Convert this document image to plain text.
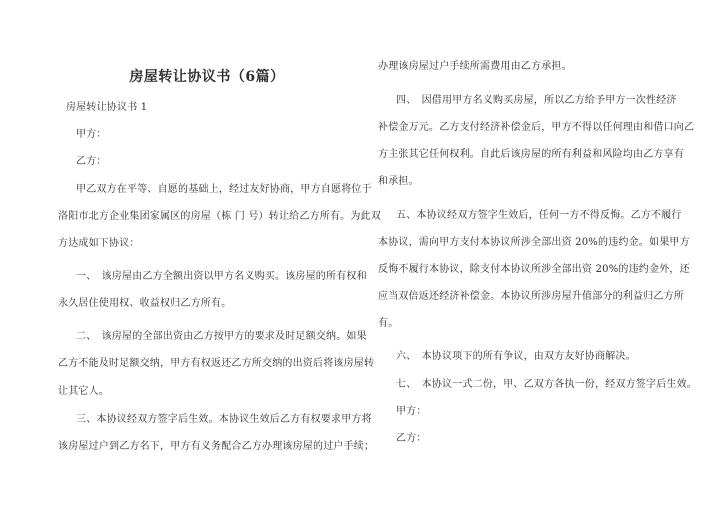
房屋转让协议书（6篇）
房屋转让协议书 1
甲方：
乙方：
甲乙双方在平等、自愿的基础上，经过友好协商，甲方自愿将位于
洛阳市北方企业集团家属区的房屋（栋 门 号）转让给乙方所有。为此双
方达成如下协议：
一、　该房屋由乙方全额出资以甲方名义购买。该房屋的所有权和
永久居住使用权、收益权归乙方所有。
二、　该房屋的全部出资由乙方按甲方的要求及时足额交纳。如果
乙方不能及时足额交纳，甲方有权返还乙方所交纳的出资后将该房屋转
让其它人。
三、本协议经双方签字后生效。本协议生效后乙方有权要求甲方将
该房屋过户到乙方名下，甲方有义务配合乙方办理该房屋的过户手续；
办理该房屋过户手续所需费用由乙方承担。
四、　因借用甲方名义购买房屋，所以乙方给予甲方一次性经济
补偿金万元。乙方支付经济补偿金后，甲方不得以任何理由和借口向乙
方主张其它任何权利。自此后该房屋的所有利益和风险均由乙方享有
和承担。
五、本协议经双方签字生效后，任何一方不得反悔。乙方不履行
本协议，需向甲方支付本协议所涉全部出资 20%的违约金。如果甲方
反悔不履行本协议，除支付本协议所涉全部出资 20%的违约金外，还
应当双倍返还经济补偿金。本协议所涉房屋升值部分的利益归乙方所
有。
六、　本协议项下的所有争议，由双方友好协商解决。
七、　本协议一式二份，甲、乙双方各执一份，经双方签字后生效。
甲方：
乙方：
